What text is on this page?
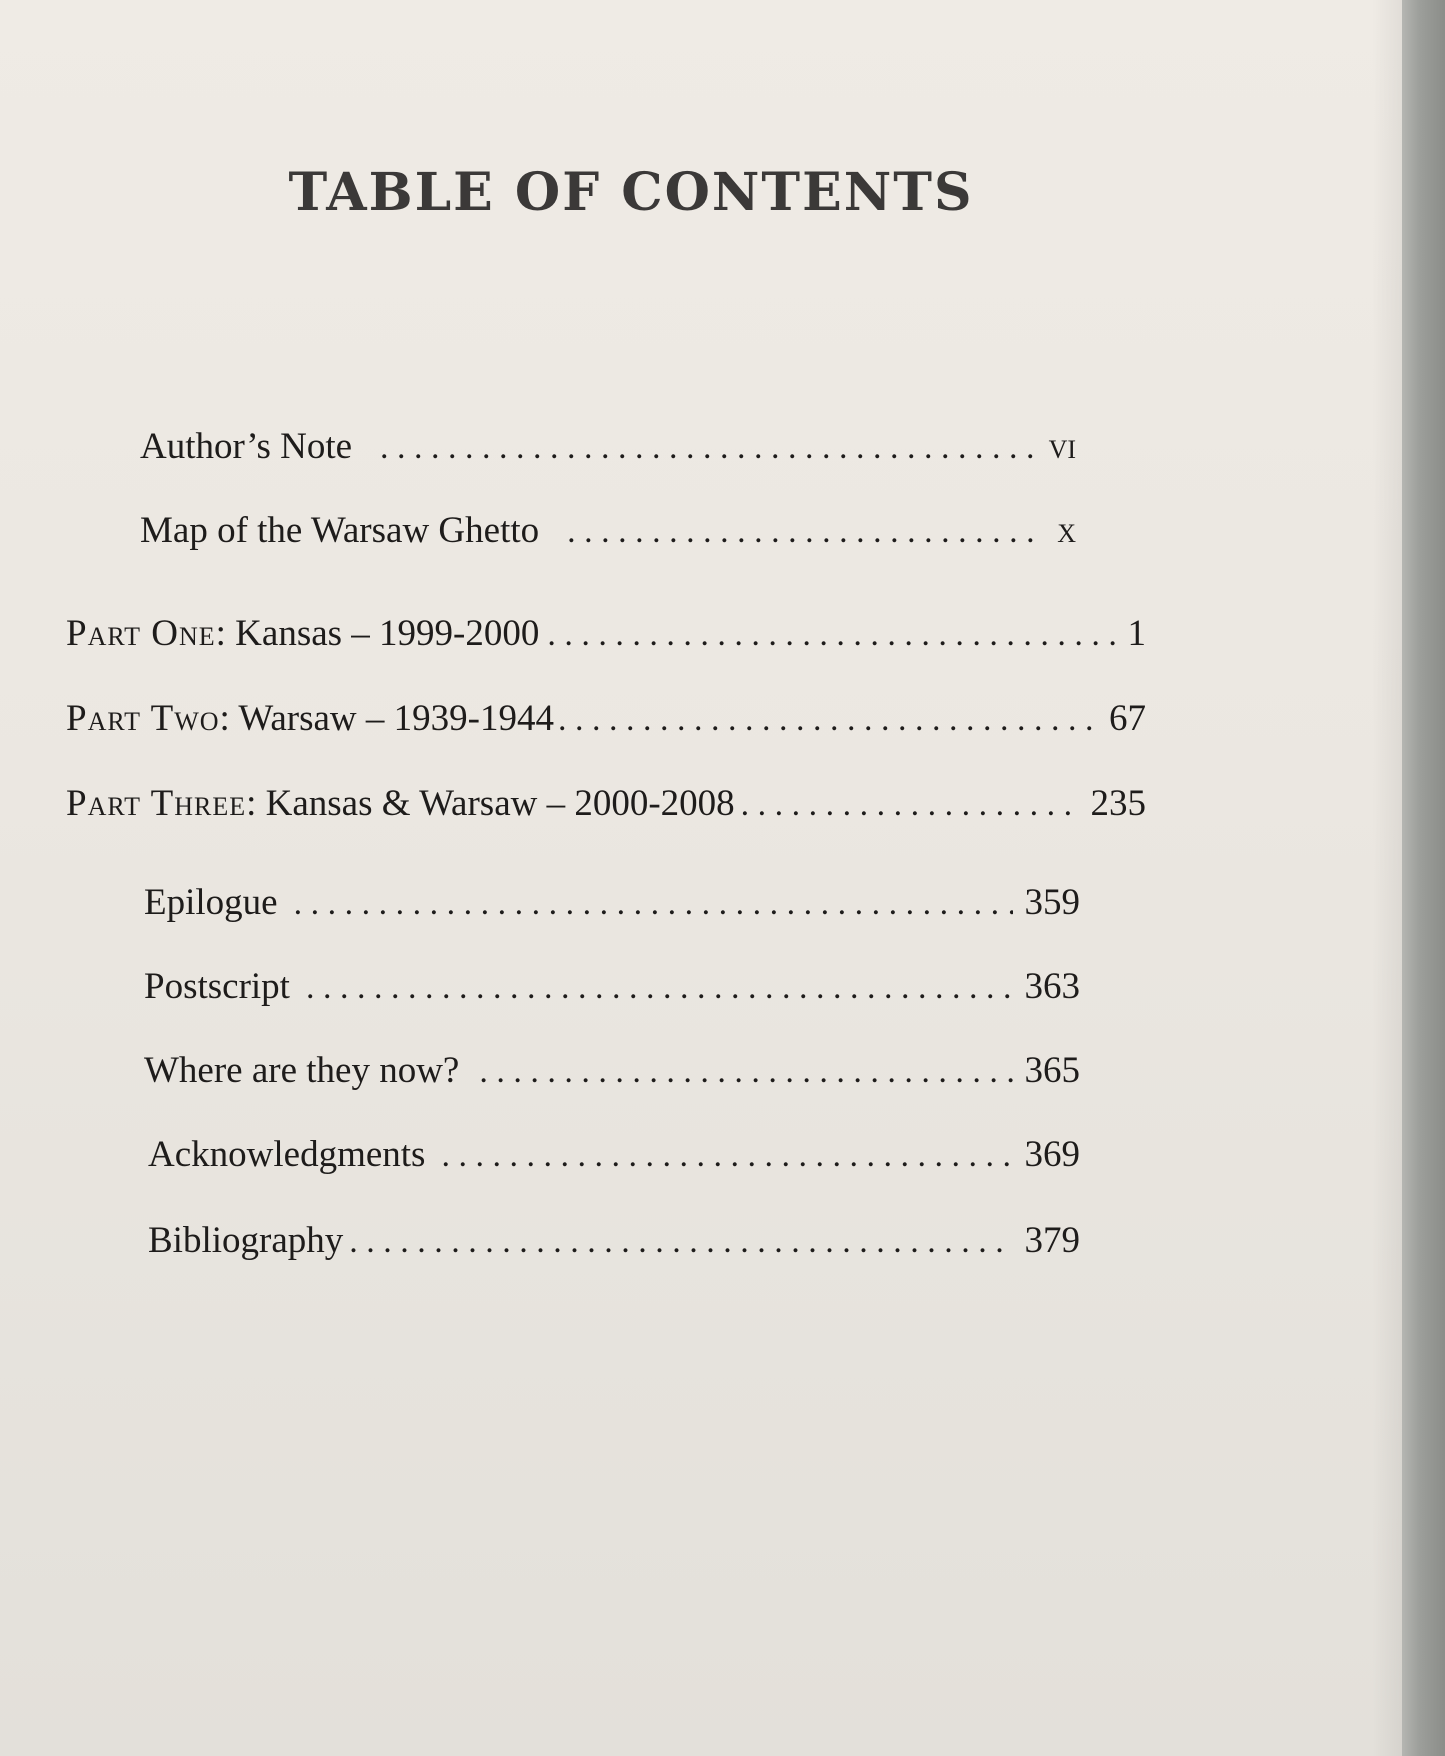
TABLE OF CONTENTS
Author’s Note . . .	vi
Map of the Warsaw Ghetto . . .	x
Part One: Kansas – 1999-2000 . . .	1
Part Two: Warsaw – 1939-1944 . . .	67
Part Three: Kansas & Warsaw – 2000-2008 . . .	235
Epilogue . . .	359
Postscript . . .	363
Where are they now? . . .	365
Acknowledgments . . .	369
Bibliography . . .	379
